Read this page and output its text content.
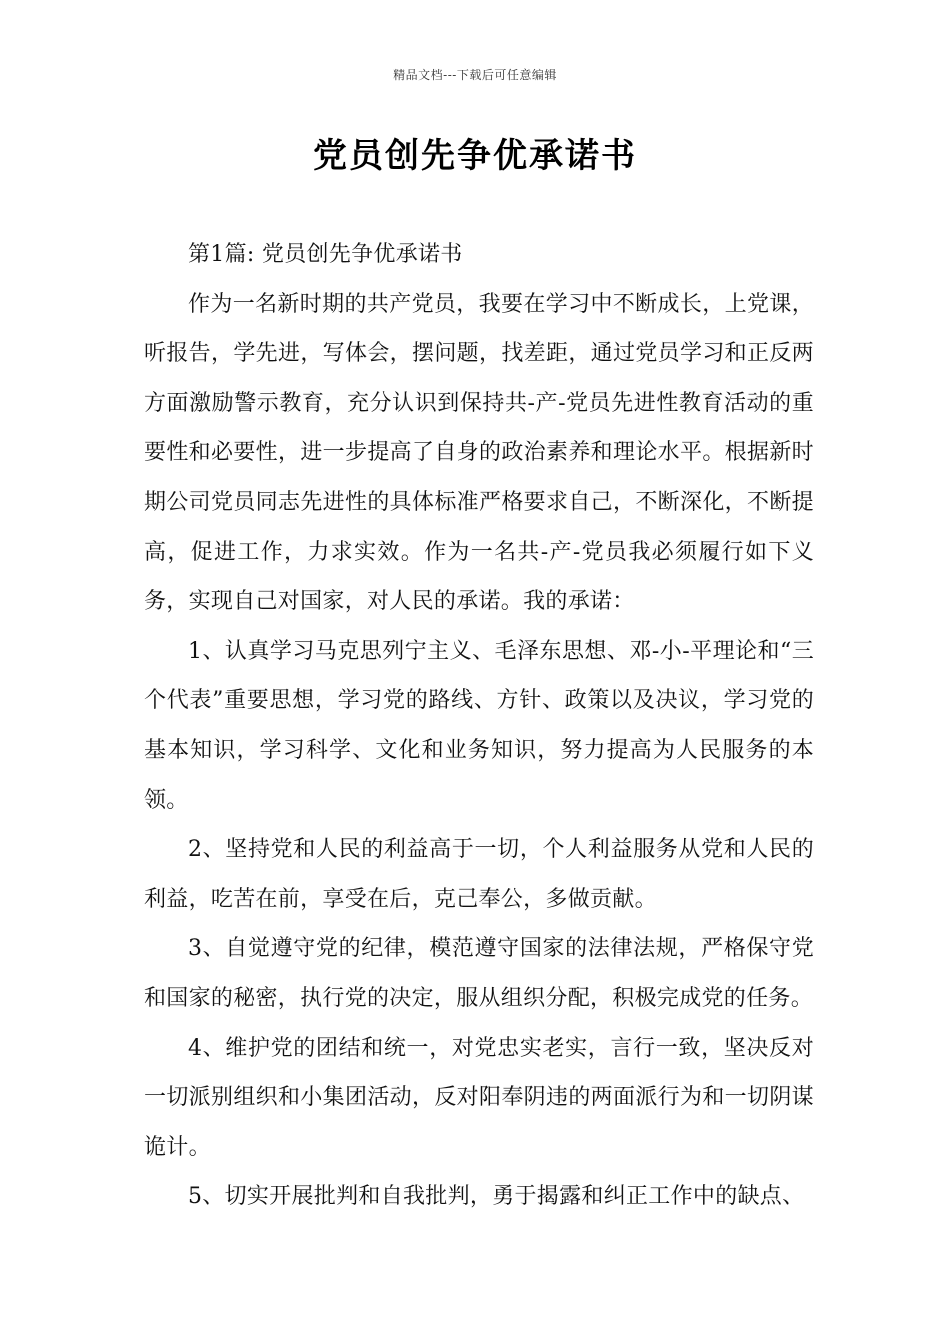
精品文档---下载后可任意编辑
党员创先争优承诺书

第1篇: 党员创先争优承诺书

作为一名新时期的共产党员，我要在学习中不断成长，上党课，听报告，学先进，写体会，摆问题，找差距，通过党员学习和正反两方面激励警示教育，充分认识到保持共-产-党员先进性教育活动的重要性和必要性，进一步提高了自身的政治素养和理论水平。根据新时期公司党员同志先进性的具体标准严格要求自己，不断深化，不断提高，促进工作，力求实效。作为一名共-产-党员我必须履行如下义务，实现自己对国家，对人民的承诺。我的承诺：

1、认真学习马克思列宁主义、毛泽东思想、邓-小-平理论和“三个代表”重要思想，学习党的路线、方针、政策以及决议，学习党的基本知识，学习科学、文化和业务知识，努力提高为人民服务的本领。

2、坚持党和人民的利益高于一切，个人利益服务从党和人民的利益，吃苦在前，享受在后，克己奉公，多做贡献。

3、自觉遵守党的纪律，模范遵守国家的法律法规，严格保守党和国家的秘密，执行党的决定，服从组织分配，积极完成党的任务。

4、维护党的团结和统一，对党忠实老实，言行一致，坚决反对一切派别组织和小集团活动，反对阳奉阴违的两面派行为和一切阴谋诡计。

5、切实开展批判和自我批判，勇于揭露和纠正工作中的缺点、
